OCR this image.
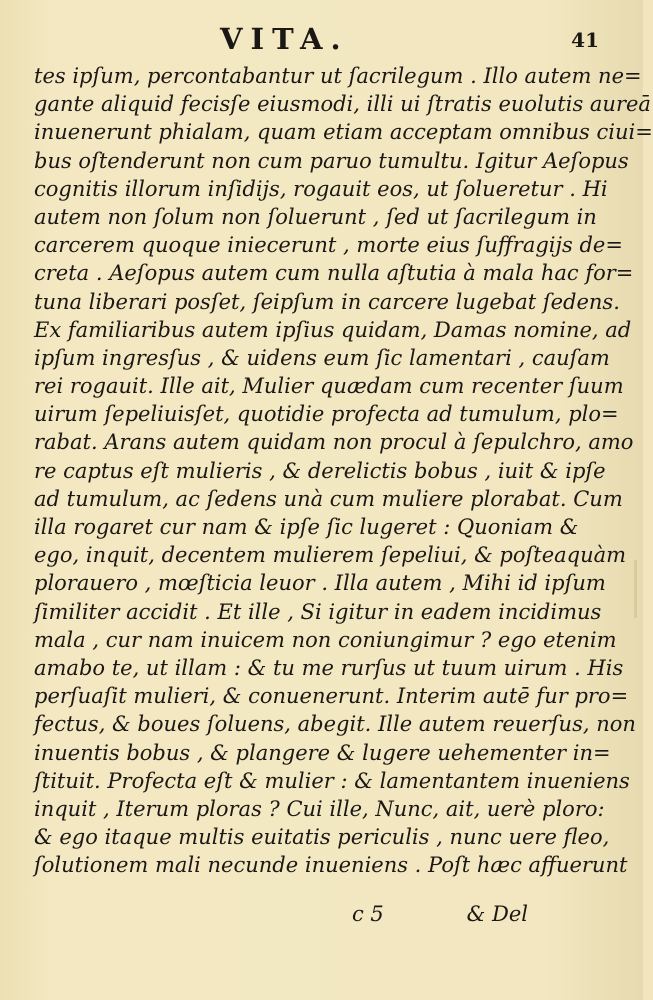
VITA.	41
tes ipſum, percontabantur ut ſacrilegum . Illo autem ne=
gante aliquid fecisſe eiusmodi, illi ui ſtratis euolutis aureā
inuenerunt phialam, quam etiam acceptam omnibus ciui=
bus oſtenderunt non cum paruo tumultu. Igitur Aeſopus
cognitis illorum inſidijs, rogauit eos, ut ſolueretur . Hi
autem non ſolum non ſoluerunt , ſed ut ſacrilegum in
carcerem quoque iniecerunt , morte eius ſuffragijs de=
creta . Aeſopus autem cum nulla aſtutia à mala hac for=
tuna liberari posſet, ſeipſum in carcere lugebat ſedens.
Ex familiaribus autem ipſius quidam, Damas nomine, ad
ipſum ingresſus , & uidens eum ſic lamentari , cauſam
rei rogauit. Ille ait, Mulier quædam cum recenter ſuum
uirum ſepeliuisſet, quotidie profecta ad tumulum, plo=
rabat. Arans autem quidam non procul à ſepulchro, amo
re captus eſt mulieris , & derelictis bobus , iuit & ipſe
ad tumulum, ac ſedens unà cum muliere plorabat. Cum
illa rogaret cur nam & ipſe ſic lugeret : Quoniam &
ego, inquit, decentem mulierem ſepeliui, & poſteaquàm
plorauero , mœſticia leuor . Illa autem , Mihi id ipſum
ſimiliter accidit . Et ille , Si igitur in eadem incidimus
mala , cur nam inuicem non coniungimur ? ego etenim
amabo te, ut illam : & tu me rurſus ut tuum uirum . His
perſuaſit mulieri, & conuenerunt. Interim autē fur pro=
fectus, & boues ſoluens, abegit. Ille autem reuerſus, non
inuentis bobus , & plangere & lugere uehementer in=
ſtituit. Profecta eſt & mulier : & lamentantem inueniens
inquit , Iterum ploras ? Cui ille, Nunc, ait, uerè ploro:
& ego itaque multis euitatis periculis , nunc uere fleo,
ſolutionem mali necunde inueniens . Poſt hæc affuerunt
c 5	& Del
